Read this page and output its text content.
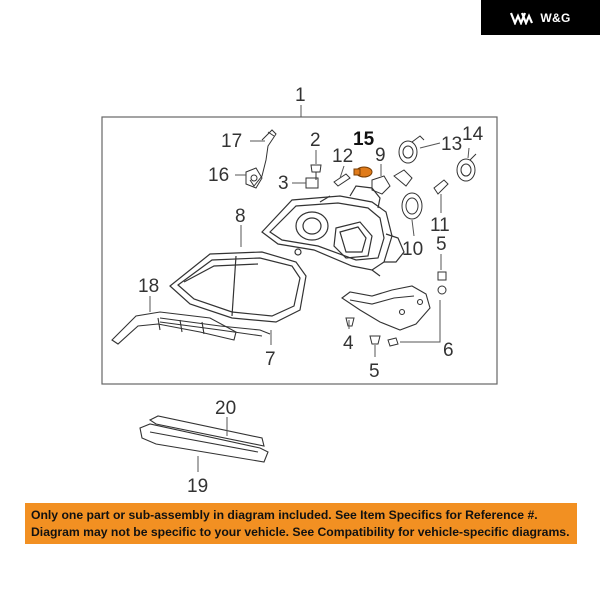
W&G
1
2
3
4
5
5
6
7
8
9
10
11
12
13 14
15
16
17
18
19
20
Only one part or sub-assembly in diagram included. See Item Specifics for Reference #.
Diagram may not be specific to your vehicle. See Compatibility for vehicle-specific diagrams.
